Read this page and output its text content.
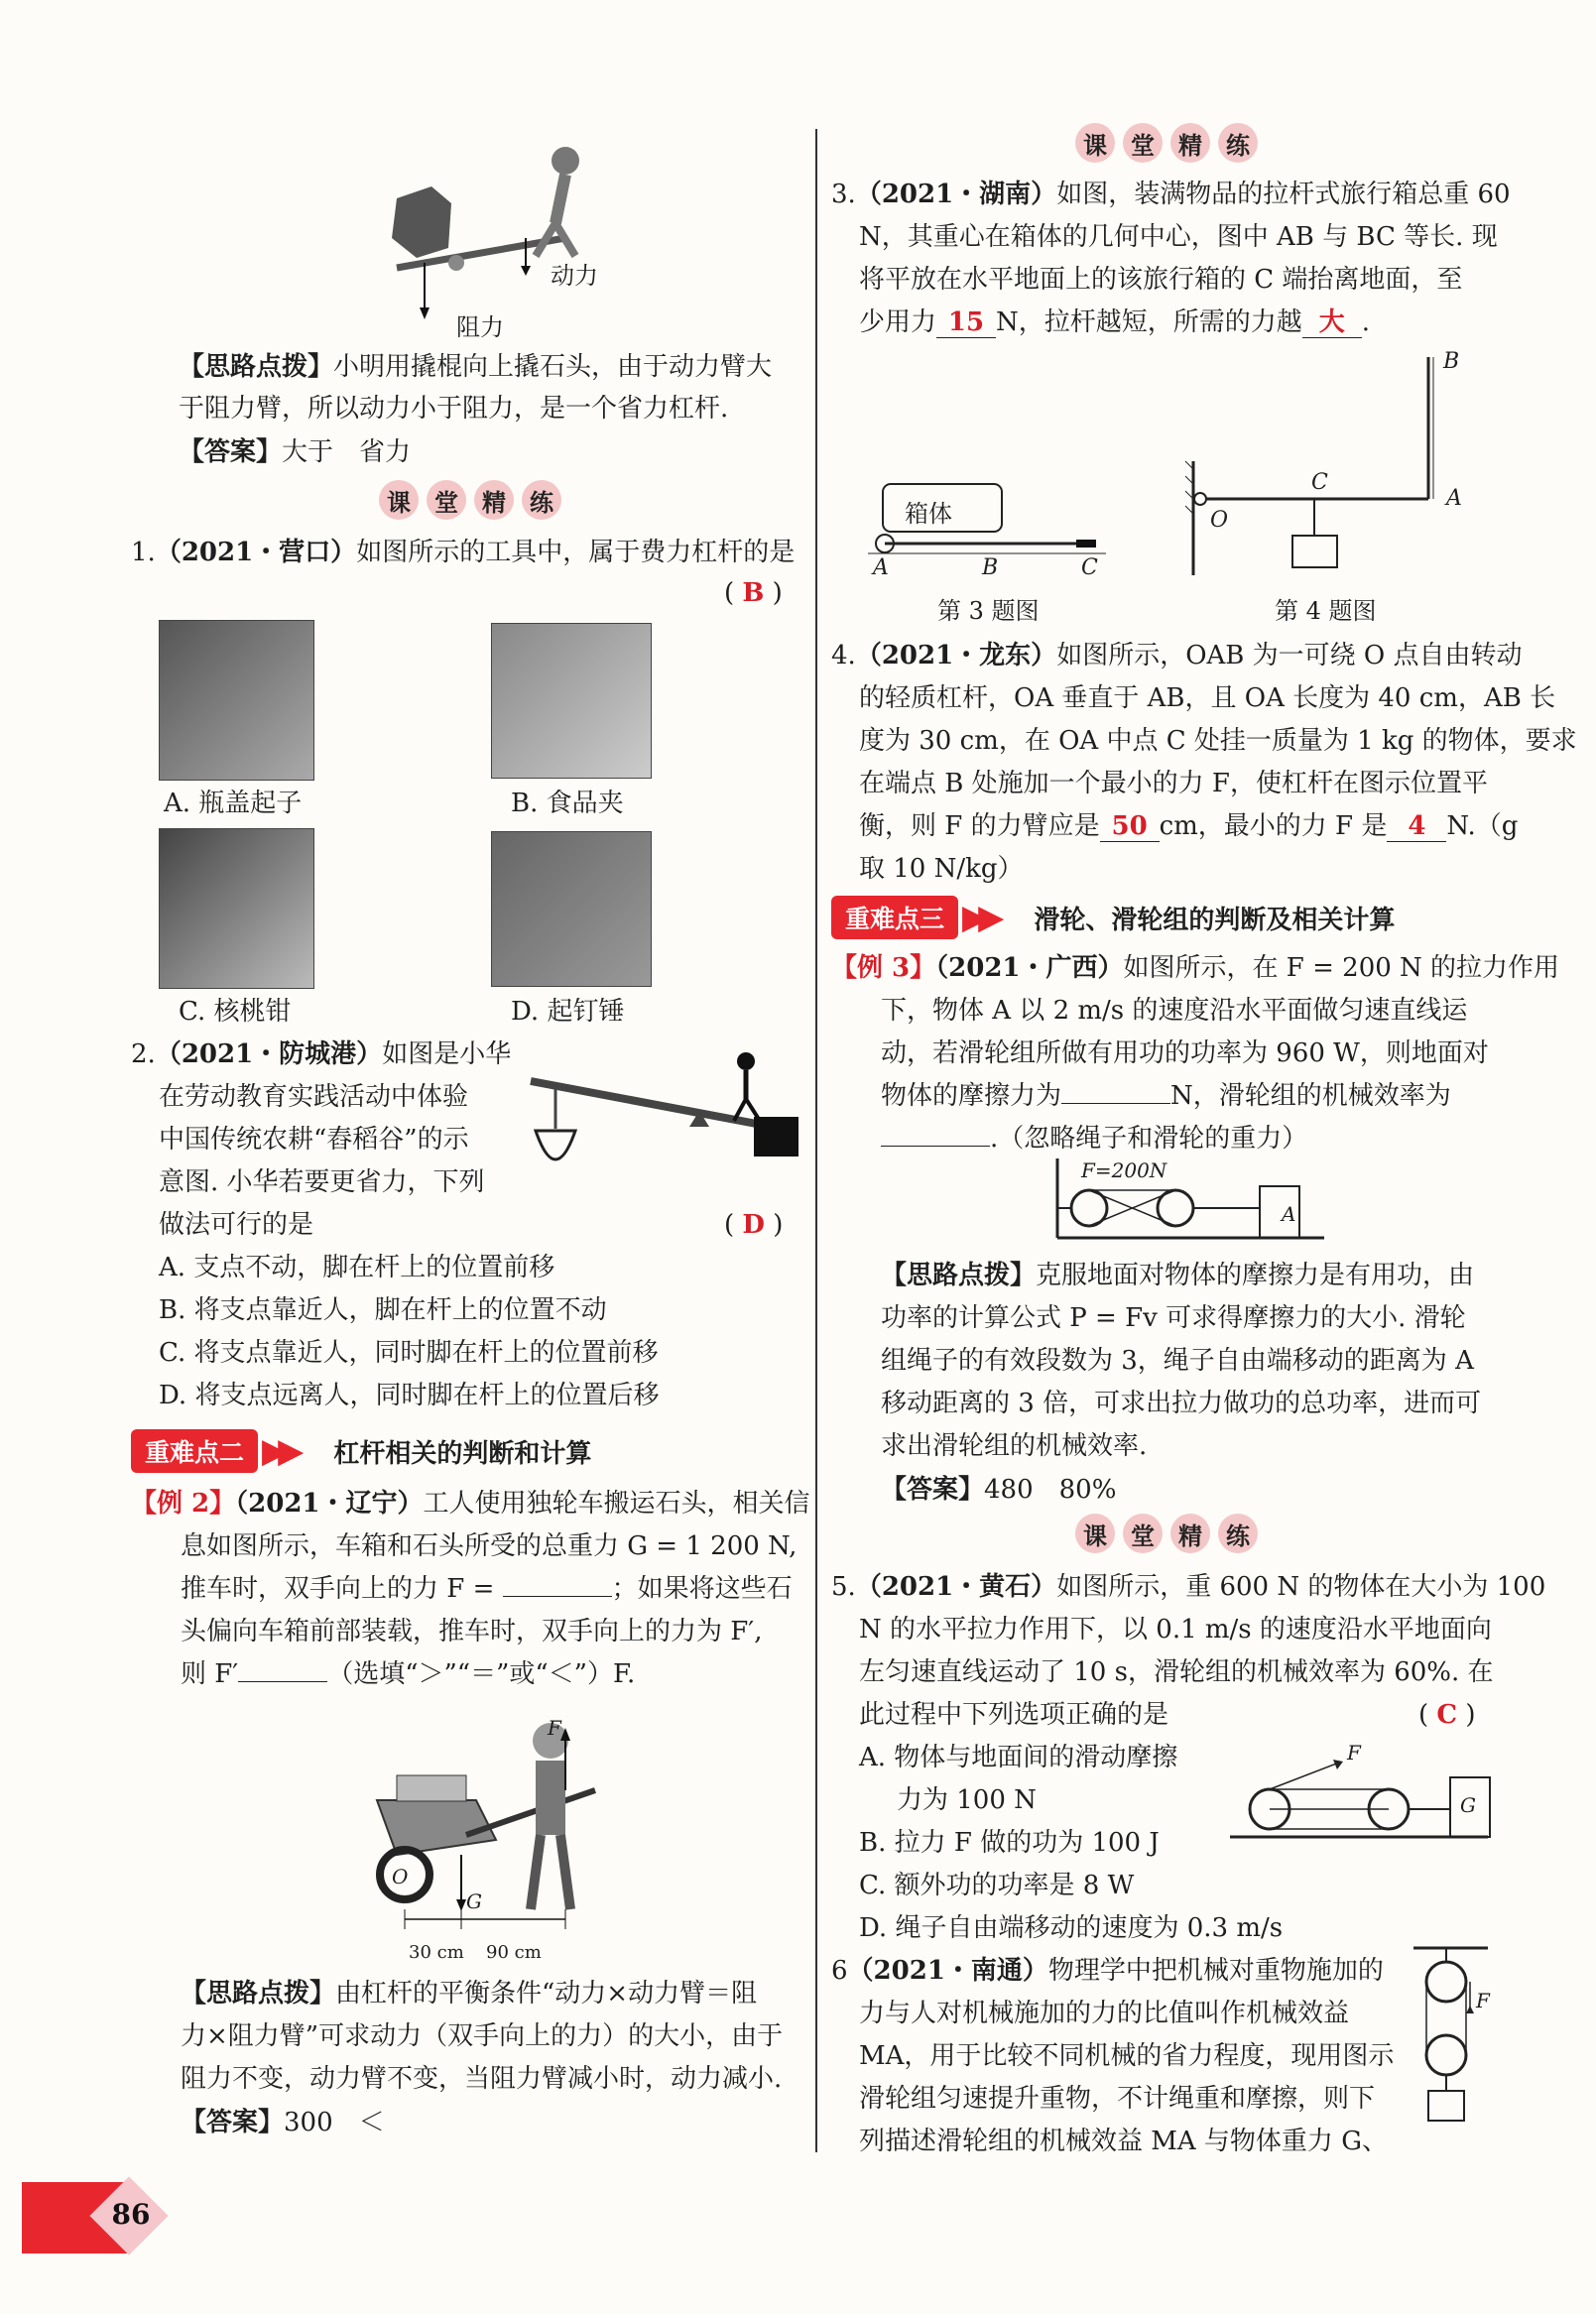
动力
阻力
【思路点拨】小明用撬棍向上撬石头，由于动力臂大
于阻力臂，所以动力小于阻力，是一个省力杠杆.
【答案】大于　省力
课	堂	精	练
1.（2021・营口）如图所示的工具中，属于费力杠杆的是
( B )
A. 瓶盖起子	B. 食品夹
C. 核桃钳	D. 起钉锤
2.（2021・防城港）如图是小华
在劳动教育实践活动中体验
中国传统农耕“舂稻谷”的示
意图. 小华若要更省力，下列
做法可行的是	( D )
A. 支点不动，脚在杆上的位置前移
B. 将支点靠近人，脚在杆上的位置不动
C. 将支点靠近人，同时脚在杆上的位置前移
D. 将支点远离人，同时脚在杆上的位置后移
重难点二 ▶▶ 杠杆相关的判断和计算
【例 2】（2021・辽宁）工人使用独轮车搬运石头，相关信
息如图所示，车箱和石头所受的总重力 G = 1 200 N,
推车时，双手向上的力 F =	；如果将这些石
头偏向车箱前部装载，推车时，双手向上的力为 F′,
则 F′	（选填“＞”“＝”或“＜”）F.
F
O
G
30 cm 90 cm
【思路点拨】由杠杆的平衡条件“动力×动力臂＝阻
力×阻力臂”可求动力（双手向上的力）的大小，由于
阻力不变，动力臂不变，当阻力臂减小时，动力减小.
【答案】300　＜
课	堂	精	练
3.（2021・湖南）如图，装满物品的拉杆式旅行箱总重 60
N，其重心在箱体的几何中心，图中 AB 与 BC 等长. 现
将平放在水平地面上的该旅行箱的 C 端抬离地面，至
少用力 15 N，拉杆越短，所需的力越 大 .
箱体
A	B	C
第 3 题图
B
A
C
O
第 4 题图
4.（2021・龙东）如图所示，OAB 为一可绕 O 点自由转动
的轻质杠杆，OA 垂直于 AB，且 OA 长度为 40 cm，AB 长
度为 30 cm，在 OA 中点 C 处挂一质量为 1 kg 的物体，要求
在端点 B 处施加一个最小的力 F，使杠杆在图示位置平
衡，则 F 的力臂应是 50 cm，最小的力 F 是 4 N.（g
取 10 N/kg）
重难点三 ▶▶ 滑轮、滑轮组的判断及相关计算
【例 3】（2021・广西）如图所示，在 F = 200 N 的拉力作用
下，物体 A 以 2 m/s 的速度沿水平面做匀速直线运
动，若滑轮组所做有用功的功率为 960 W，则地面对
物体的摩擦力为	N，滑轮组的机械效率为
.（忽略绳子和滑轮的重力）
F=200N
A
【思路点拨】克服地面对物体的摩擦力是有用功，由
功率的计算公式 P = Fv 可求得摩擦力的大小. 滑轮
组绳子的有效段数为 3，绳子自由端移动的距离为 A
移动距离的 3 倍，可求出拉力做功的总功率，进而可
求出滑轮组的机械效率.
【答案】480　80%
课	堂	精	练
5.（2021・黄石）如图所示，重 600 N 的物体在大小为 100
N 的水平拉力作用下，以 0.1 m/s 的速度沿水平地面向
左匀速直线运动了 10 s，滑轮组的机械效率为 60%. 在
此过程中下列选项正确的是	( C )
A. 物体与地面间的滑动摩擦
力为 100 N
B. 拉力 F 做的功为 100 J
C. 额外功的功率是 8 W
D. 绳子自由端移动的速度为 0.3 m/s
F
G
6（2021・南通）物理学中把机械对重物施加的
力与人对机械施加的力的比值叫作机械效益
MA，用于比较不同机械的省力程度，现用图示
滑轮组匀速提升重物，不计绳重和摩擦，则下
列描述滑轮组的机械效益 MA 与物体重力 G、
F
86
